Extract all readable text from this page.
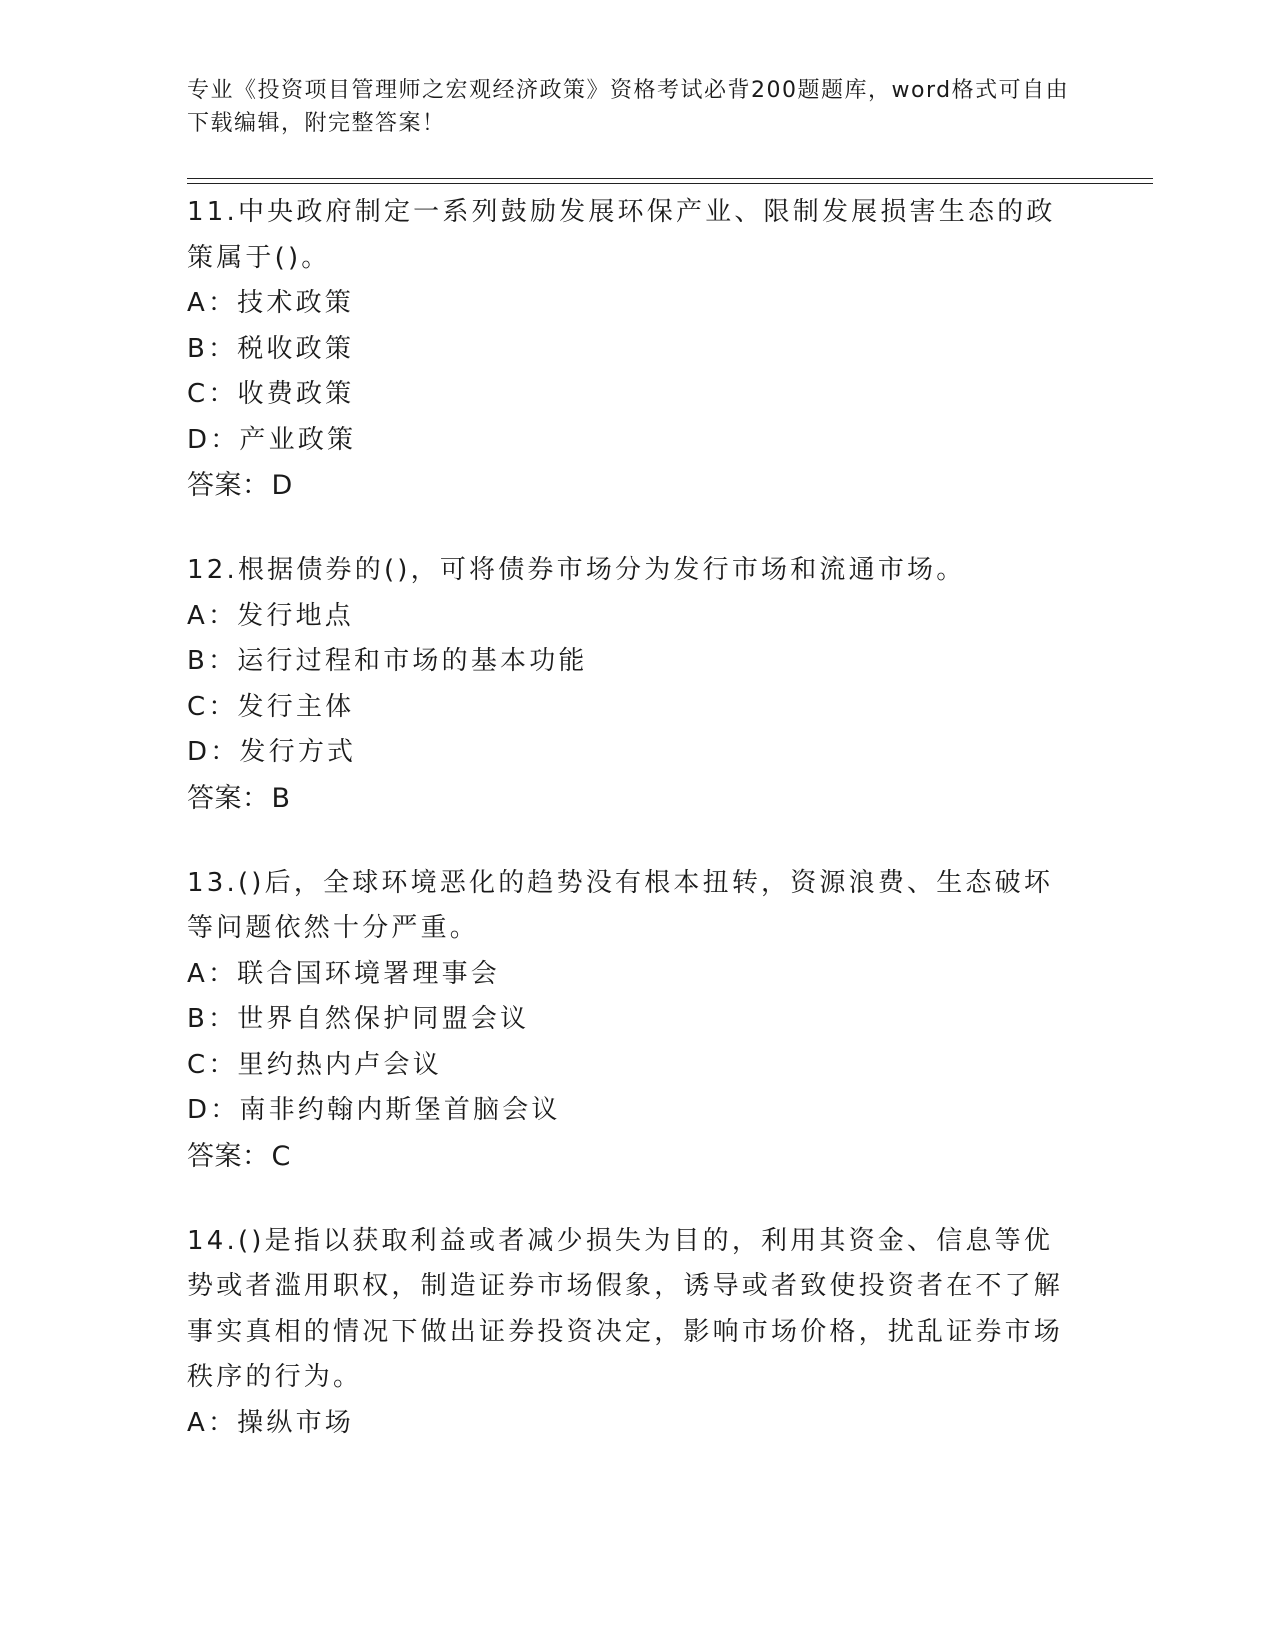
专业《投资项目管理师之宏观经济政策》资格考试必背200题题库，word格式可自由下载编辑，附完整答案！

11.中央政府制定一系列鼓励发展环保产业、限制发展损害生态的政策属于()。

A：技术政策

B：税收政策

C：收费政策

D：产业政策

答案：D

12.根据债券的()，可将债券市场分为发行市场和流通市场。

A：发行地点

B：运行过程和市场的基本功能

C：发行主体

D：发行方式

答案：B

13.()后，全球环境恶化的趋势没有根本扭转，资源浪费、生态破坏等问题依然十分严重。

A：联合国环境署理事会

B：世界自然保护同盟会议

C：里约热内卢会议

D：南非约翰内斯堡首脑会议

答案：C

14.()是指以获取利益或者减少损失为目的，利用其资金、信息等优势或者滥用职权，制造证券市场假象，诱导或者致使投资者在不了解事实真相的情况下做出证券投资决定，影响市场价格，扰乱证券市场秩序的行为。

A：操纵市场
